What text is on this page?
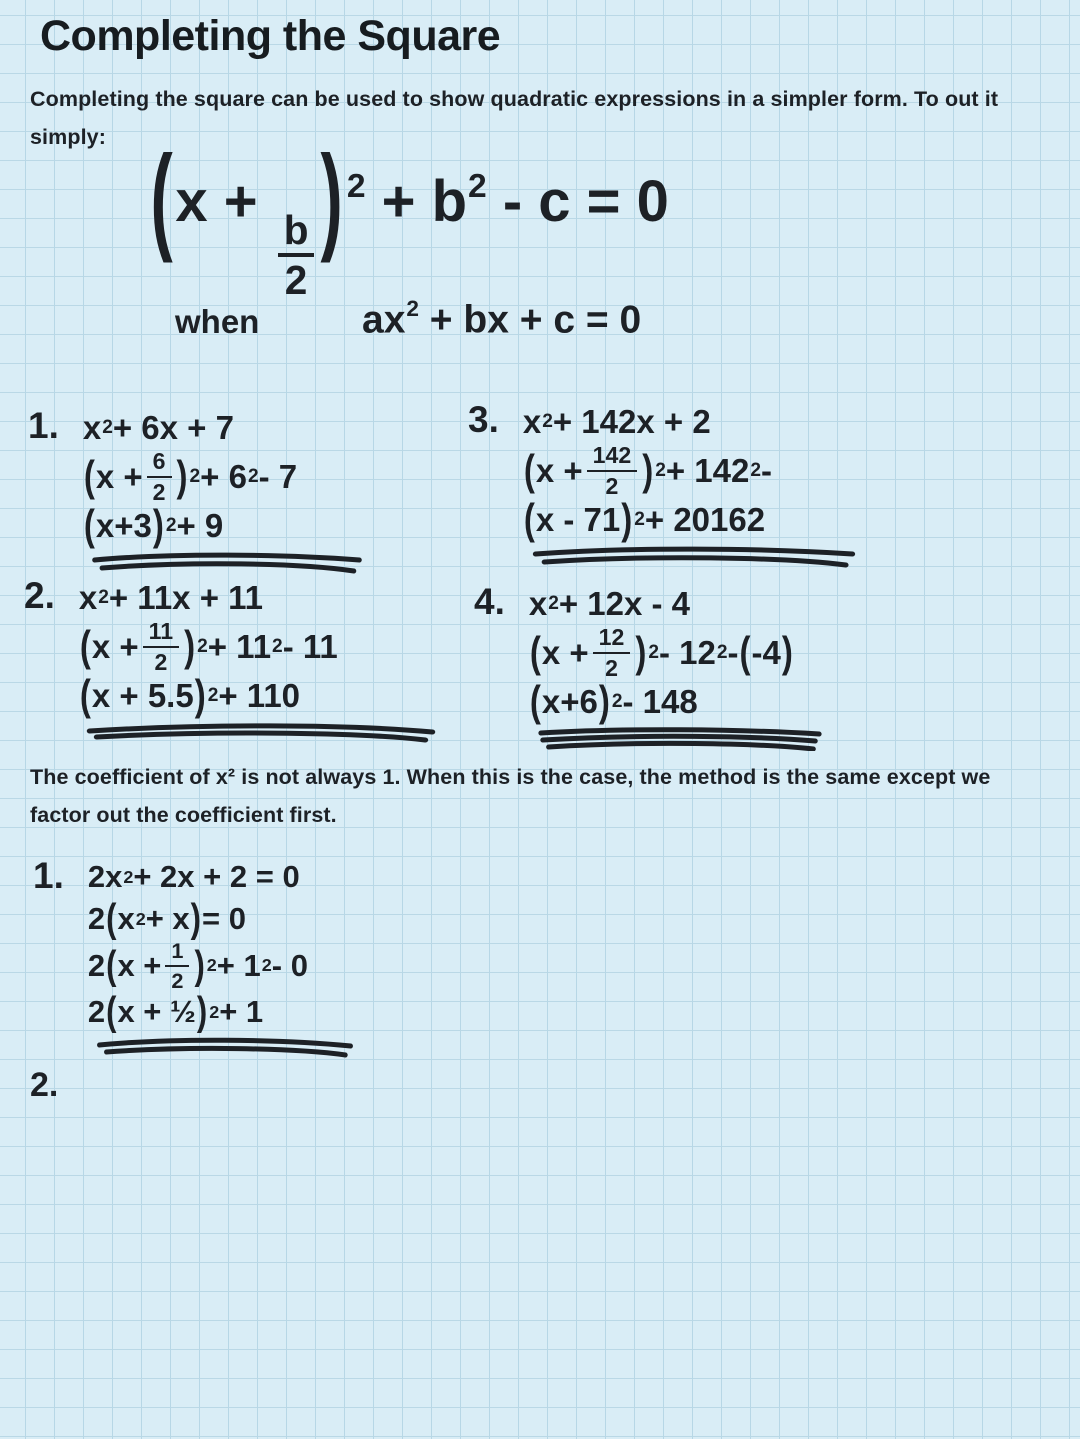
Completing the Square
Completing the square can be used to show quadratic expressions in a simpler form. To out it simply: (x +
$\frac{b}{2}$ ) $^2 + b^2 - c = 0$
when	$ax^2$ + bx + c = 0
1. x 2 + 6x + 7
( $x + \frac{6}{2}$ ) 2 + 6 2 - 7
( x+3 ) 2 + 9
3. x 2 + 142x + 2
( $x + \frac{142}{2}$ ) 2 + 142 2 -
( x - 71 ) 2 + 20162
2. x 2 + 11x + 11
( $x + \frac{11}{2}$ ) 2 + 11 2 - 11
( x + 5.5 ) 2 + 110
4. x 2 + 12x - 4
( $x + \frac{12}{2}$ ) 2 - 12 2 - ( -4 )
( x+6 ) 2 - 148
The coefficient of x² is not always 1. When this is the case, the method is the same except we factor out the coefficient first.
1. 2x 2 + 2x + 2 = 0
2 ( x 2 + x ) = 0
2 ( $x + \frac{1}{2}$ ) 2 + 1 2 - 0
2 ( x + ½ ) 2 + 1
2.
